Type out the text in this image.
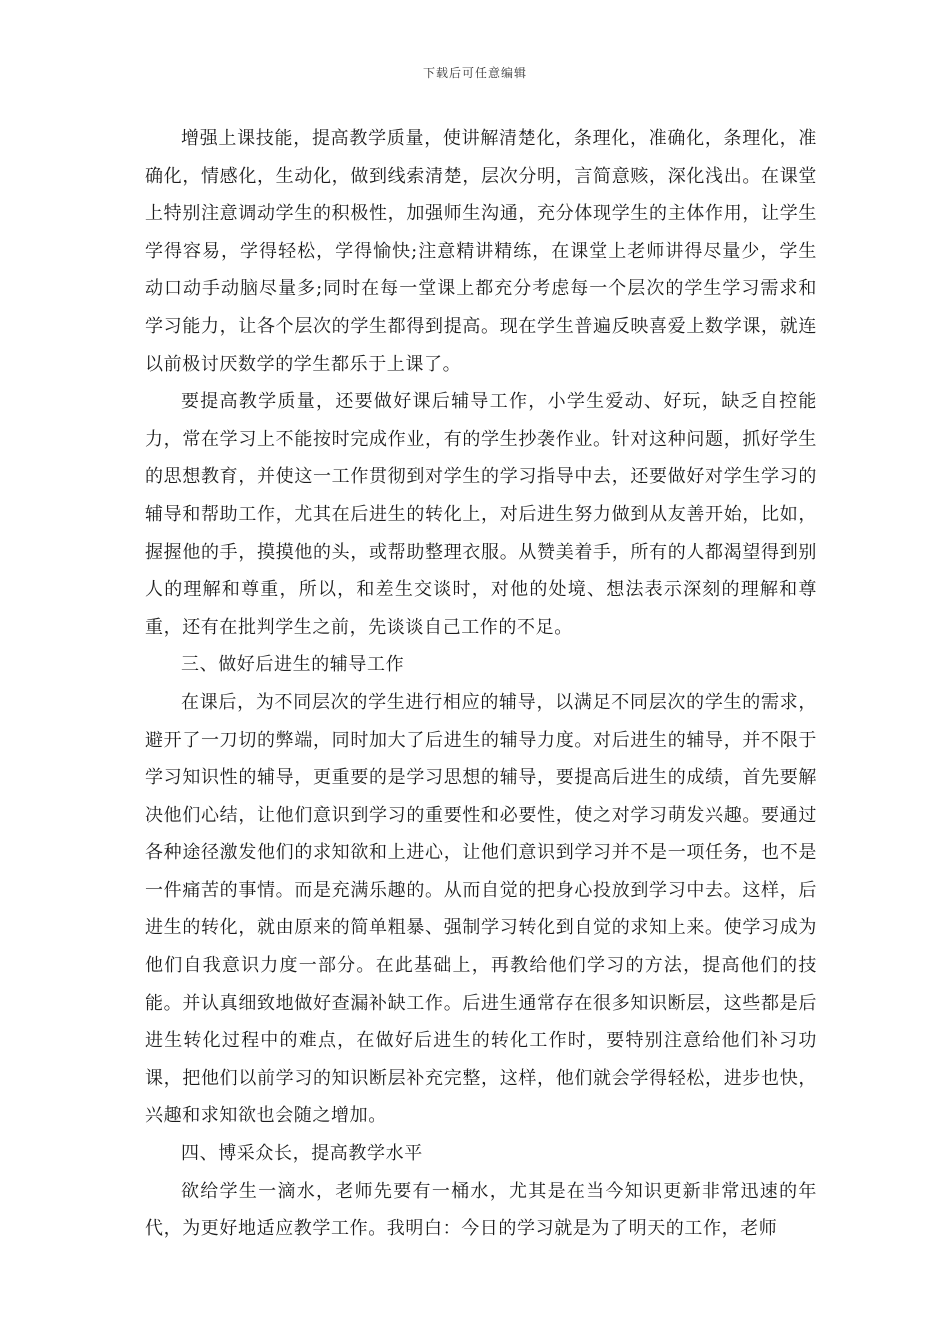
下载后可任意编辑

增强上课技能，提高教学质量，使讲解清楚化，条理化，准确化，条理化，准确化，情感化，生动化，做到线索清楚，层次分明，言简意赅，深化浅出。在课堂上特别注意调动学生的积极性，加强师生沟通，充分体现学生的主体作用，让学生学得容易，学得轻松，学得愉快;注意精讲精练，在课堂上老师讲得尽量少，学生动口动手动脑尽量多;同时在每一堂课上都充分考虑每一个层次的学生学习需求和学习能力，让各个层次的学生都得到提高。现在学生普遍反映喜爱上数学课，就连以前极讨厌数学的学生都乐于上课了。

要提高教学质量，还要做好课后辅导工作，小学生爱动、好玩，缺乏自控能力，常在学习上不能按时完成作业，有的学生抄袭作业。针对这种问题，抓好学生的思想教育，并使这一工作贯彻到对学生的学习指导中去，还要做好对学生学习的辅导和帮助工作，尤其在后进生的转化上，对后进生努力做到从友善开始，比如，握握他的手，摸摸他的头，或帮助整理衣服。从赞美着手，所有的人都渴望得到别人的理解和尊重，所以，和差生交谈时，对他的处境、想法表示深刻的理解和尊重，还有在批判学生之前，先谈谈自己工作的不足。

三、做好后进生的辅导工作

在课后，为不同层次的学生进行相应的辅导，以满足不同层次的学生的需求，避开了一刀切的弊端，同时加大了后进生的辅导力度。对后进生的辅导，并不限于学习知识性的辅导，更重要的是学习思想的辅导，要提高后进生的成绩，首先要解决他们心结，让他们意识到学习的重要性和必要性，使之对学习萌发兴趣。要通过各种途径激发他们的求知欲和上进心，让他们意识到学习并不是一项任务，也不是一件痛苦的事情。而是充满乐趣的。从而自觉的把身心投放到学习中去。这样，后进生的转化，就由原来的简单粗暴、强制学习转化到自觉的求知上来。使学习成为他们自我意识力度一部分。在此基础上，再教给他们学习的方法，提高他们的技能。并认真细致地做好查漏补缺工作。后进生通常存在很多知识断层，这些都是后进生转化过程中的难点，在做好后进生的转化工作时，要特别注意给他们补习功课，把他们以前学习的知识断层补充完整，这样，他们就会学得轻松，进步也快，兴趣和求知欲也会随之增加。

四、博采众长，提高教学水平

欲给学生一滴水，老师先要有一桶水，尤其是在当今知识更新非常迅速的年代，为更好地适应教学工作。我明白：今日的学习就是为了明天的工作，老师
